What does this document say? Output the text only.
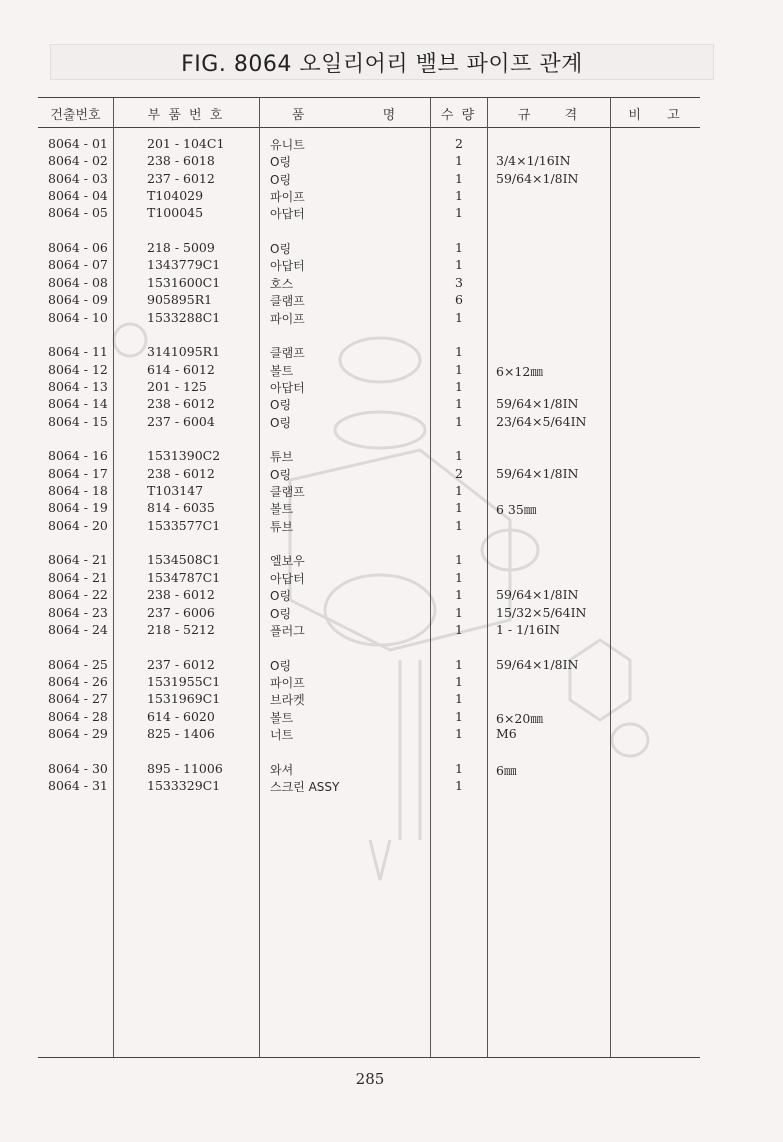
FIG. 8064 오일리어리 밸브 파이프 관계
건출번호	부 품 번 호	품 명	수 량	규 격	비 고
8064 - 01	201 - 104C1	유니트	2
8064 - 02	238 - 6018	O링	1	3/4×1/16IN
8064 - 03	237 - 6012	O링	1	59/64×1/8IN
8064 - 04	T104029	파이프	1
8064 - 05	T100045	아답터	1
8064 - 06	218 - 5009	O링	1
8064 - 07	1343779C1	아답터	1
8064 - 08	1531600C1	호스	3
8064 - 09	905895R1	클램프	6
8064 - 10	1533288C1	파이프	1
8064 - 11	3141095R1	클램프	1
8064 - 12	614 - 6012	볼트	1	6×12㎜
8064 - 13	201 - 125	아답터	1
8064 - 14	238 - 6012	O링	1	59/64×1/8IN
8064 - 15	237 - 6004	O링	1	23/64×5/64IN
8064 - 16	1531390C2	튜브	1
8064 - 17	238 - 6012	O링	2	59/64×1/8IN
8064 - 18	T103147	클램프	1
8064 - 19	814 - 6035	볼트	1	6 35㎜
8064 - 20	1533577C1	튜브	1
8064 - 21	1534508C1	엘보우	1
8064 - 21	1534787C1	아답터	1
8064 - 22	238 - 6012	O링	1	59/64×1/8IN
8064 - 23	237 - 6006	O링	1	15/32×5/64IN
8064 - 24	218 - 5212	플러그	1	1 - 1/16IN
8064 - 25	237 - 6012	O링	1	59/64×1/8IN
8064 - 26	1531955C1	파이프	1
8064 - 27	1531969C1	브라켓	1
8064 - 28	614 - 6020	볼트	1	6×20㎜
8064 - 29	825 - 1406	너트	1	M6
8064 - 30	895 - 11006	와셔	1	6㎜
8064 - 31	1533329C1	스크린 ASSY	1
285
